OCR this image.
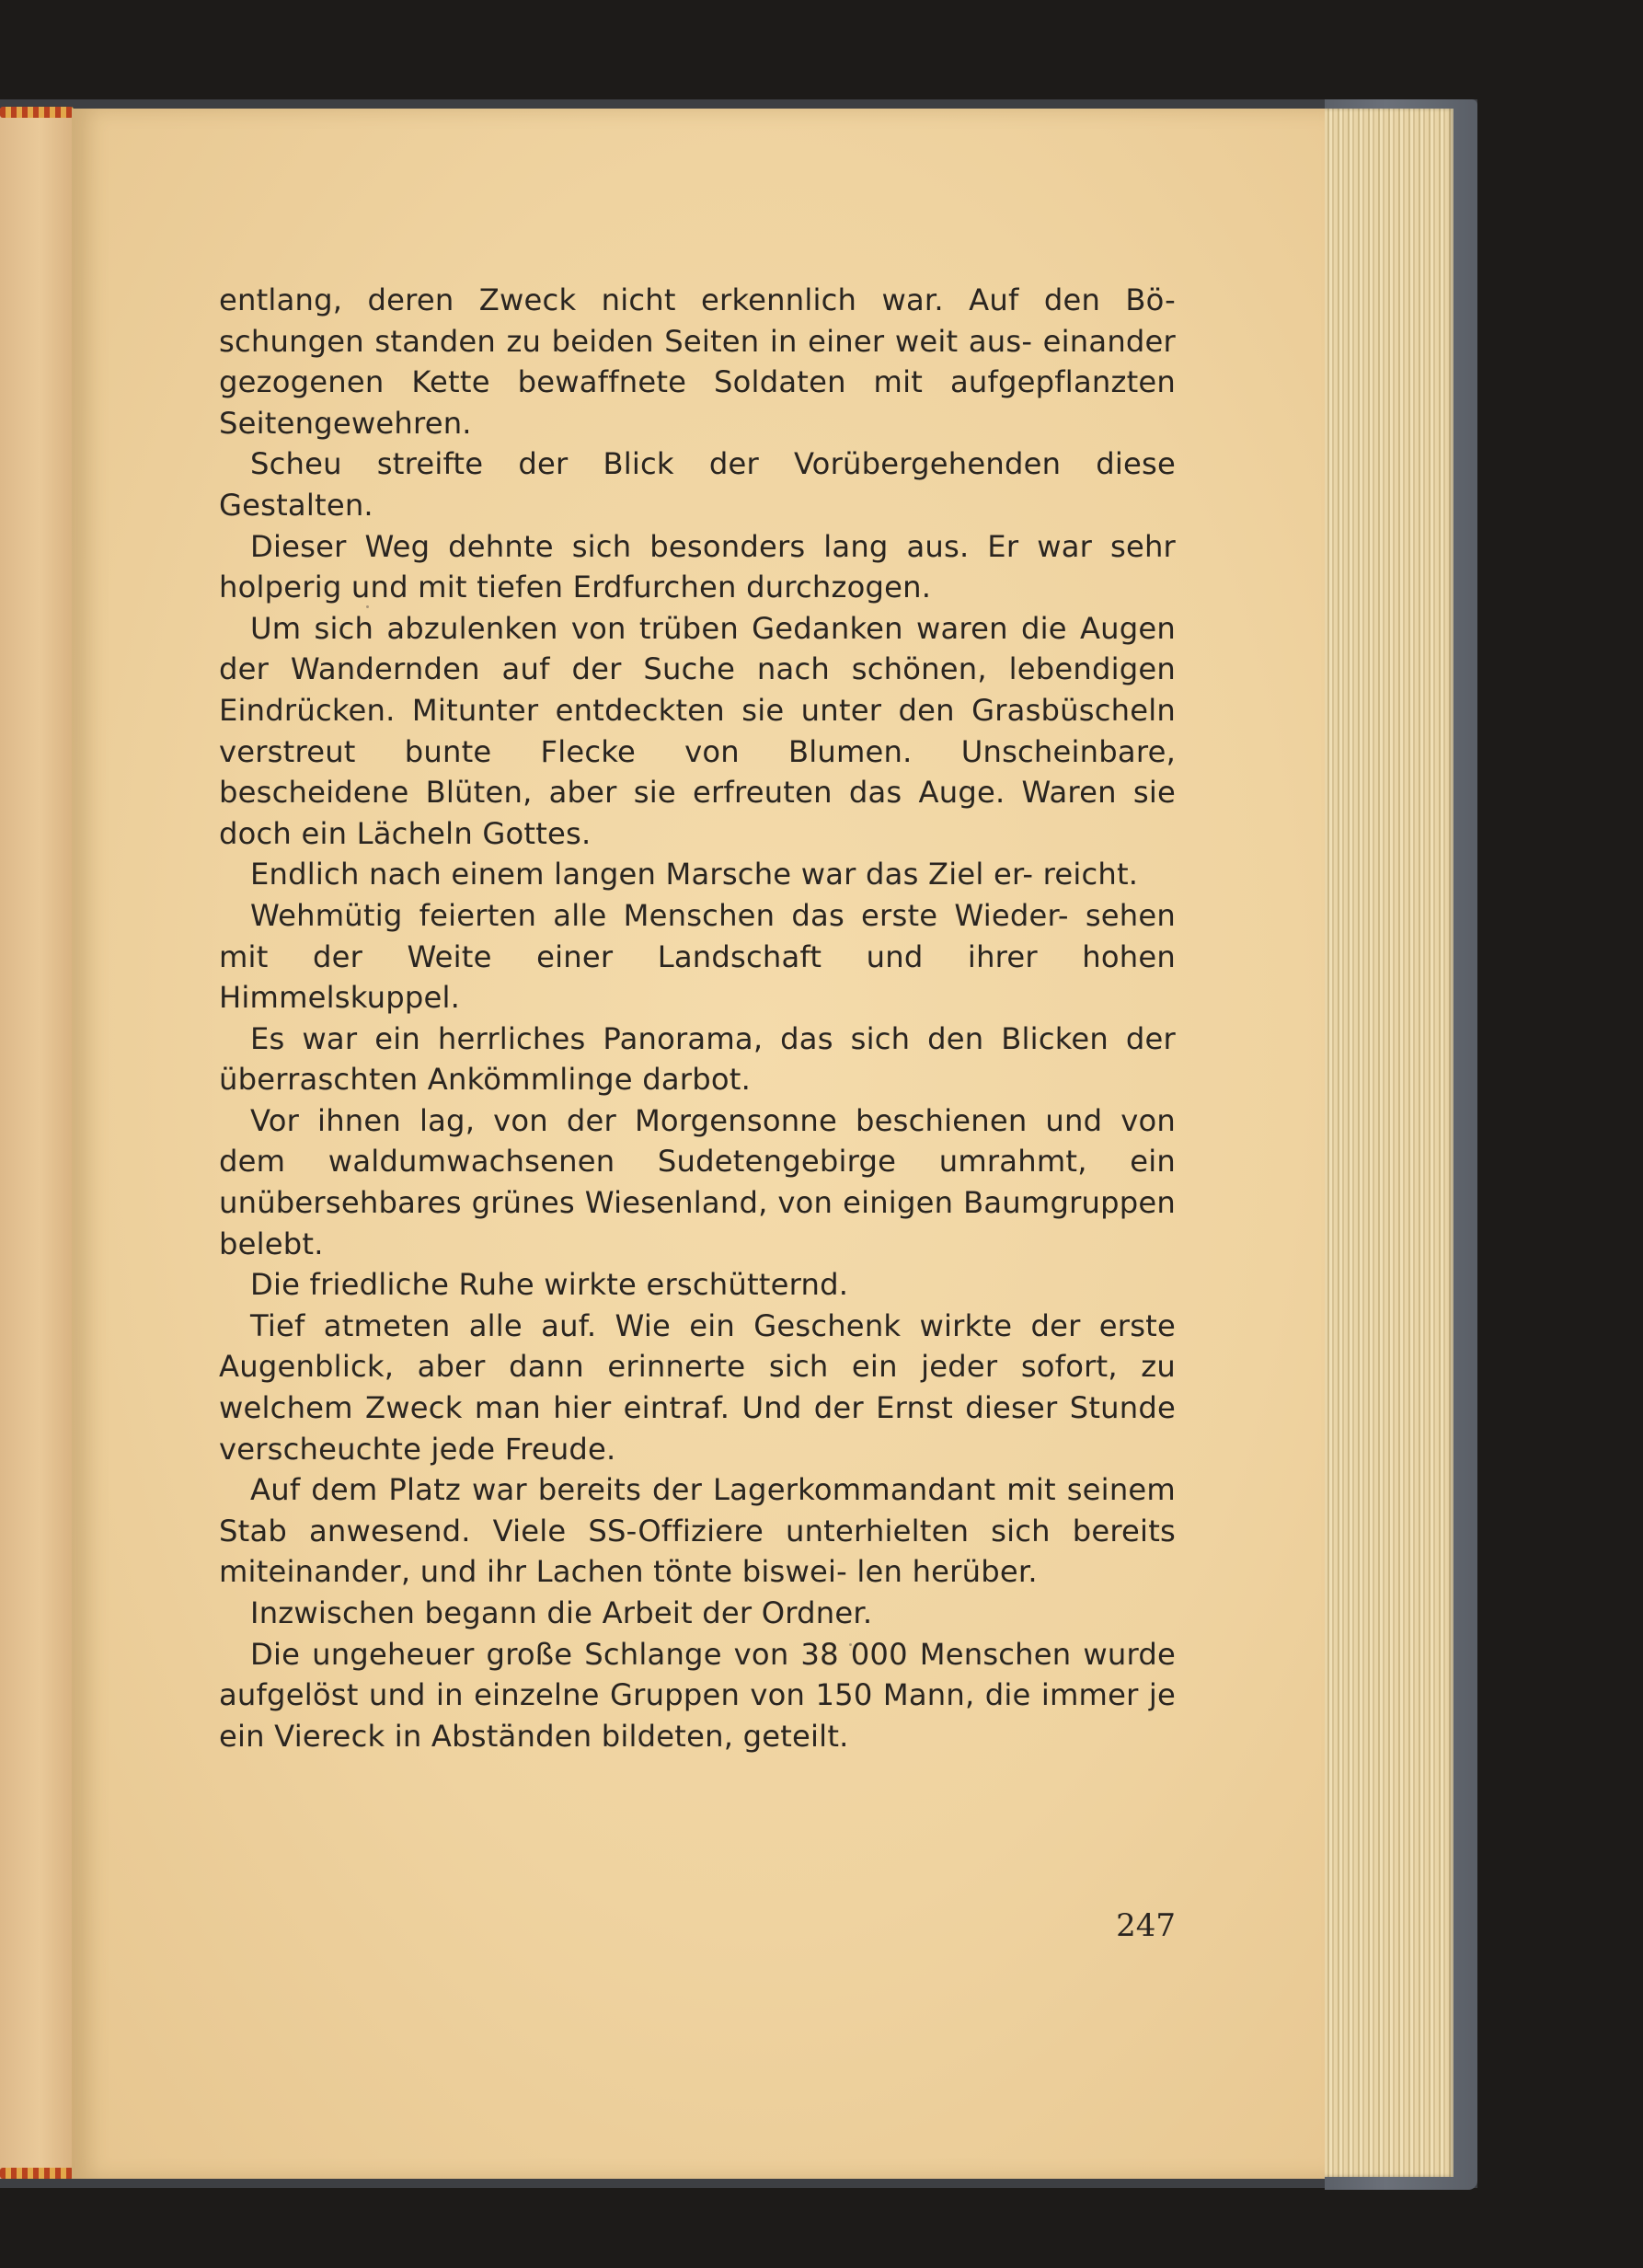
entlang, deren Zweck nicht erkennlich war. Auf den Bö- schungen standen zu beiden Seiten in einer weit aus- einander gezogenen Kette bewaffnete Soldaten mit aufgepflanzten Seitengewehren.

Scheu streifte der Blick der Vorübergehenden diese Gestalten.

Dieser Weg dehnte sich besonders lang aus. Er war sehr holperig und mit tiefen Erdfurchen durchzogen.

Um sich abzulenken von trüben Gedanken waren die Augen der Wandernden auf der Suche nach schönen, lebendigen Eindrücken. Mitunter entdeckten sie unter den Grasbüscheln verstreut bunte Flecke von Blumen. Unscheinbare, bescheidene Blüten, aber sie erfreuten das Auge. Waren sie doch ein Lächeln Gottes.

Endlich nach einem langen Marsche war das Ziel er- reicht.

Wehmütig feierten alle Menschen das erste Wieder- sehen mit der Weite einer Landschaft und ihrer hohen Himmelskuppel.

Es war ein herrliches Panorama, das sich den Blicken der überraschten Ankömmlinge darbot.

Vor ihnen lag, von der Morgensonne beschienen und von dem waldumwachsenen Sudetengebirge umrahmt, ein unübersehbares grünes Wiesenland, von einigen Baumgruppen belebt.

Die friedliche Ruhe wirkte erschütternd.

Tief atmeten alle auf. Wie ein Geschenk wirkte der erste Augenblick, aber dann erinnerte sich ein jeder sofort, zu welchem Zweck man hier eintraf. Und der Ernst dieser Stunde verscheuchte jede Freude.

Auf dem Platz war bereits der Lagerkommandant mit seinem Stab anwesend. Viele SS-Offiziere unterhielten sich bereits miteinander, und ihr Lachen tönte biswei- len herüber.

Inzwischen begann die Arbeit der Ordner.

Die ungeheuer große Schlange von 38 000 Menschen wurde aufgelöst und in einzelne Gruppen von 150 Mann, die immer je ein Viereck in Abständen bildeten, geteilt.

247
